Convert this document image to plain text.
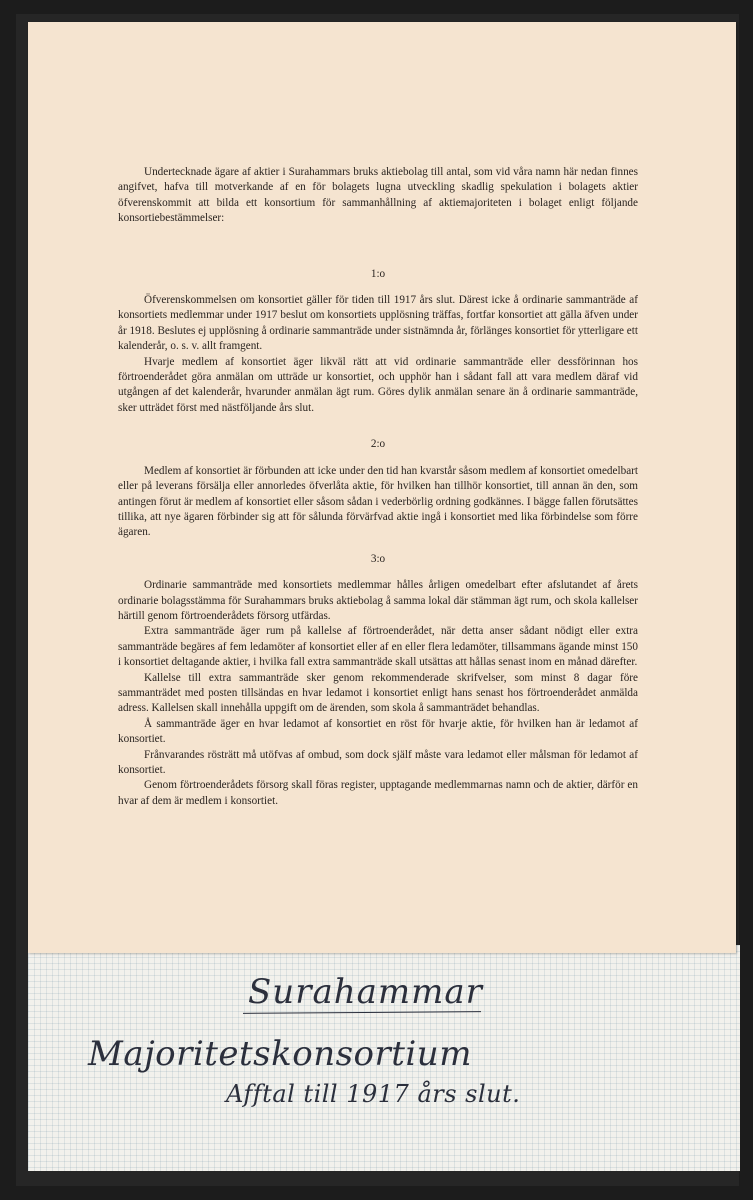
Undertecknade ägare af aktier i Surahammars bruks aktiebolag till antal, som vid våra namn här nedan finnes angifvet, hafva till motverkande af en för bolagets lugna utveckling skadlig spekulation i bolagets aktier öfverenskommit att bilda ett konsortium för sammanhållning af aktiemajoriteten i bolaget enligt följande konsortiebestämmelser:

1:o

Öfverenskommelsen om konsortiet gäller för tiden till 1917 års slut. Därest icke å ordinarie sammanträde af konsortiets medlemmar under 1917 beslut om konsortiets upplösning träffas, fortfar konsortiet att gälla äfven under år 1918. Beslutes ej upplösning å ordinarie sammanträde under sistnämnda år, förlänges konsortiet för ytterligare ett kalenderår, o. s. v. allt framgent.

Hvarje medlem af konsortiet äger likväl rätt att vid ordinarie sammanträde eller dessförinnan hos förtroenderådet göra anmälan om utträde ur konsortiet, och upphör han i sådant fall att vara medlem däraf vid utgången af det kalenderår, hvarunder anmälan ägt rum. Göres dylik anmälan senare än å ordinarie sammanträde, sker utträdet först med nästföljande års slut.

2:o

Medlem af konsortiet är förbunden att icke under den tid han kvarstår såsom medlem af konsortiet omedelbart eller på leverans försälja eller annorledes öfverlåta aktie, för hvilken han tillhör konsortiet, till annan än den, som antingen förut är medlem af konsortiet eller såsom sådan i vederbörlig ordning godkännes. I bägge fallen förutsättes tillika, att nye ägaren förbinder sig att för sålunda förvärfvad aktie ingå i konsortiet med lika förbindelse som förre ägaren.

3:o

Ordinarie sammanträde med konsortiets medlemmar hålles årligen omedelbart efter afslutandet af årets ordinarie bolagsstämma för Surahammars bruks aktiebolag å samma lokal där stämman ägt rum, och skola kallelser härtill genom förtroenderådets försorg utfärdas.

Extra sammanträde äger rum på kallelse af förtroenderådet, när detta anser sådant nödigt eller extra sammanträde begäres af fem ledamöter af konsortiet eller af en eller flera ledamöter, tillsammans ägande minst 150 i konsortiet deltagande aktier, i hvilka fall extra sammanträde skall utsättas att hållas senast inom en månad därefter.

Kallelse till extra sammanträde sker genom rekommenderade skrifvelser, som minst 8 dagar före sammanträdet med posten tillsändas en hvar ledamot i konsortiet enligt hans senast hos förtroenderådet anmälda adress. Kallelsen skall innehålla uppgift om de ärenden, som skola å sammanträdet behandlas.

Å sammanträde äger en hvar ledamot af konsortiet en röst för hvarje aktie, för hvilken han är ledamot af konsortiet.

Frånvarandes rösträtt må utöfvas af ombud, som dock själf måste vara ledamot eller målsman för ledamot af konsortiet.

Genom förtroenderådets försorg skall föras register, upptagande medlemmarnas namn och de aktier, därför en hvar af dem är medlem i konsortiet.

Surahammar
Majoritetskonsortium
Afftal till 1917 års slut.
